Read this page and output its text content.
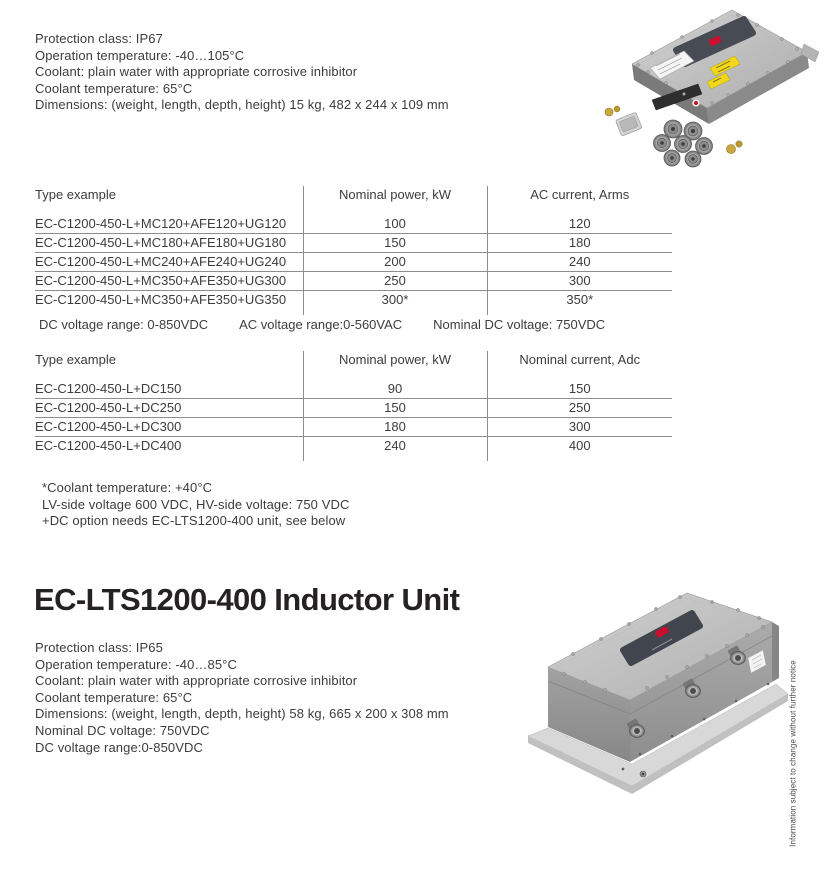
Protection class: IP67
Operation temperature: -40…105°C
Coolant: plain water with appropriate corrosive inhibitor
Coolant temperature: 65°C
Dimensions: (weight, length, depth, height) 15 kg, 482 x 244 x 109 mm
Type example	Nominal power, kW	AC current, Arms
EC-C1200-450-L+MC120+AFE120+UG120	100	120
EC-C1200-450-L+MC180+AFE180+UG180	150	180
EC-C1200-450-L+MC240+AFE240+UG240	200	240
EC-C1200-450-L+MC350+AFE350+UG300	250	300
EC-C1200-450-L+MC350+AFE350+UG350	300*	350*

DC voltage range: 0-850VDC AC voltage range:0-560VAC Nominal DC voltage: 750VDC
Type example	Nominal power, kW	Nominal current, Adc
EC-C1200-450-L+DC150	90	150
EC-C1200-450-L+DC250	150	250
EC-C1200-450-L+DC300	180	300
EC-C1200-450-L+DC400	240	400

*Coolant temperature: +40°C
LV-side voltage 600 VDC, HV-side voltage: 750 VDC
+DC option needs EC-LTS1200-400 unit, see below
EC-LTS1200-400 Inductor Unit
Protection class: IP65
Operation temperature: -40…85°C
Coolant: plain water with appropriate corrosive inhibitor
Coolant temperature: 65°C
Dimensions: (weight, length, depth, height) 58 kg, 665 x 200 x 308 mm
Nominal DC voltage: 750VDC
DC voltage range:0-850VDC	Information subject to change without further notice
